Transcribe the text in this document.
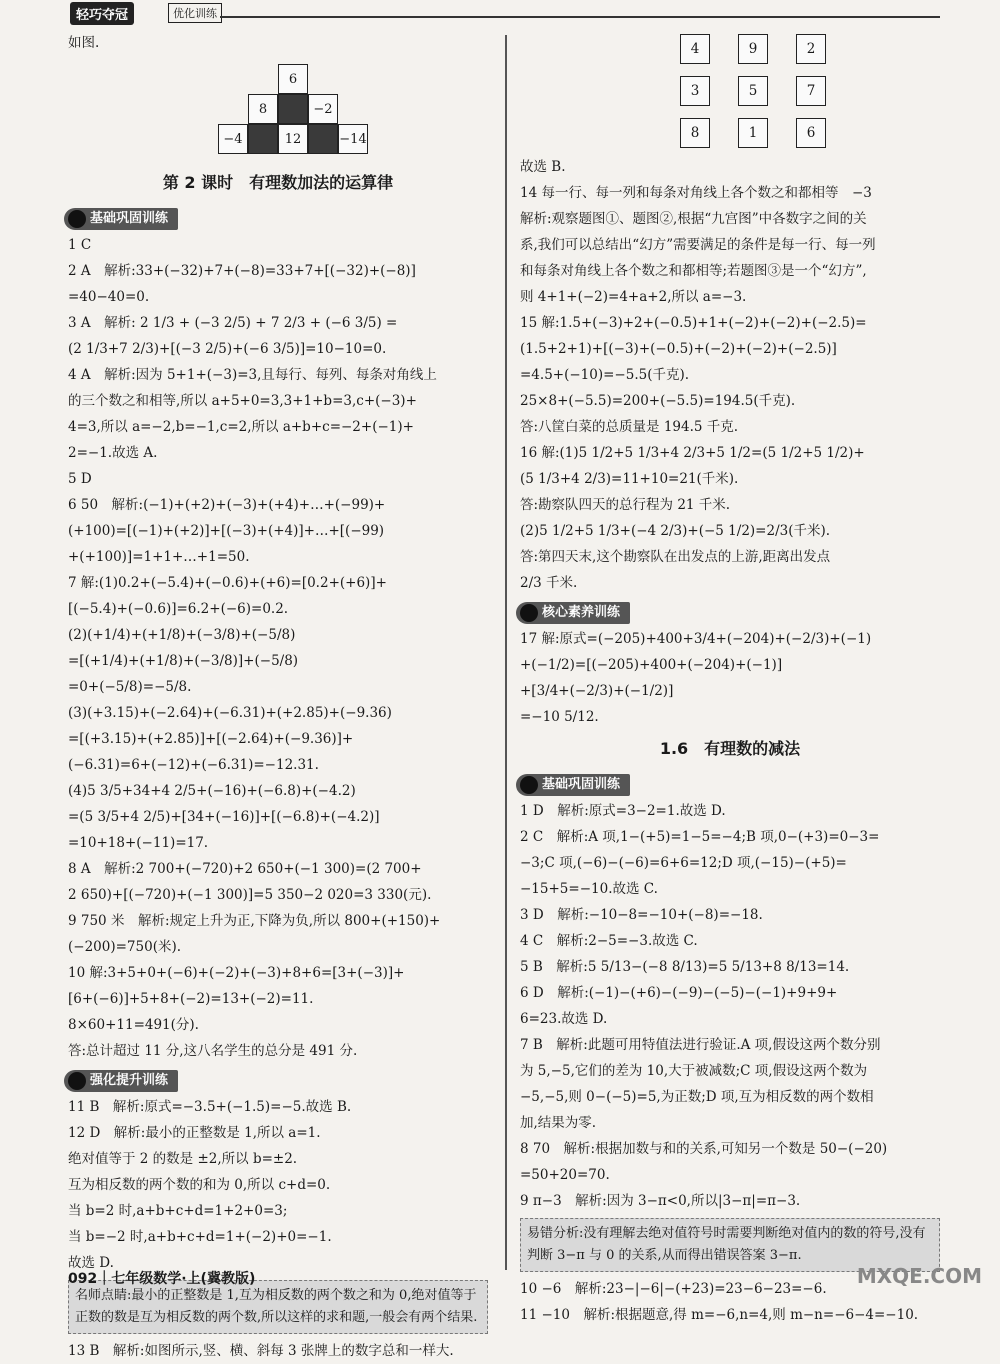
轻巧夺冠	优化训练

如图.

6
8	−2
−4	12	−14
第 2 课时　有理数加法的运算律
基础巩固训练

1 C

2 A　解析:33+(−32)+7+(−8)=33+7+[(−32)+(−8)]

=40−40=0.

3 A　解析: 2 1/3 + (−3 2/5) + 7 2/3 + (−6 3/5) =

(2 1/3+7 2/3)+[(−3 2/5)+(−6 3/5)]=10−10=0.

4 A　解析:因为 5+1+(−3)=3,且每行、每列、每条对角线上

的三个数之和相等,所以 a+5+0=3,3+1+b=3,c+(−3)+

4=3,所以 a=−2,b=−1,c=2,所以 a+b+c=−2+(−1)+

2=−1.故选 A.

5 D

6 50　解析:(−1)+(+2)+(−3)+(+4)+…+(−99)+

(+100)=[(−1)+(+2)]+[(−3)+(+4)]+…+[(−99)

+(+100)]=1+1+…+1=50.

7 解:(1)0.2+(−5.4)+(−0.6)+(+6)=[0.2+(+6)]+

[(−5.4)+(−0.6)]=6.2+(−6)=0.2.

(2)(+1/4)+(+1/8)+(−3/8)+(−5/8)

=[(+1/4)+(+1/8)+(−3/8)]+(−5/8)

=0+(−5/8)=−5/8.

(3)(+3.15)+(−2.64)+(−6.31)+(+2.85)+(−9.36)

=[(+3.15)+(+2.85)]+[(−2.64)+(−9.36)]+

(−6.31)=6+(−12)+(−6.31)=−12.31.

(4)5 3/5+34+4 2/5+(−16)+(−6.8)+(−4.2)

=(5 3/5+4 2/5)+[34+(−16)]+[(−6.8)+(−4.2)]

=10+18+(−11)=17.

8 A　解析:2 700+(−720)+2 650+(−1 300)=(2 700+

2 650)+[(−720)+(−1 300)]=5 350−2 020=3 330(元).

9 750 米　解析:规定上升为正,下降为负,所以 800+(+150)+

(−200)=750(米).

10 解:3+5+0+(−6)+(−2)+(−3)+8+6=[3+(−3)]+

[6+(−6)]+5+8+(−2)=13+(−2)=11.

8×60+11=491(分).

答:总计超过 11 分,这八名学生的总分是 491 分.

强化提升训练

11 B　解析:原式=−3.5+(−1.5)=−5.故选 B.

12 D　解析:最小的正整数是 1,所以 a=1.

绝对值等于 2 的数是 ±2,所以 b=±2.

互为相反数的两个数的和为 0,所以 c+d=0.

当 b=2 时,a+b+c+d=1+2+0=3;

当 b=−2 时,a+b+c+d=1+(−2)+0=−1.

故选 D.

名师点睛:最小的正整数是 1,互为相反数的两个数之和为 0,绝对值等于正数的数是互为相反数的两个数,所以这样的求和题,一般会有两个结果.

13 B　解析:如图所示,竖、横、斜每 3 张牌上的数字总和一样大.

4	9	2
3	5	7
8	1	6

故选 B.

14 每一行、每一列和每条对角线上各个数之和都相等　−3

解析:观察题图①、题图②,根据“九宫图”中各数字之间的关

系,我们可以总结出“幻方”需要满足的条件是每一行、每一列

和每条对角线上各个数之和都相等;若题图③是一个“幻方”,

则 4+1+(−2)=4+a+2,所以 a=−3.

15 解:1.5+(−3)+2+(−0.5)+1+(−2)+(−2)+(−2.5)=

(1.5+2+1)+[(−3)+(−0.5)+(−2)+(−2)+(−2.5)]

=4.5+(−10)=−5.5(千克).

25×8+(−5.5)=200+(−5.5)=194.5(千克).

答:八筐白菜的总质量是 194.5 千克.

16 解:(1)5 1/2+5 1/3+4 2/3+5 1/2=(5 1/2+5 1/2)+

(5 1/3+4 2/3)=11+10=21(千米).

答:勘察队四天的总行程为 21 千米.

(2)5 1/2+5 1/3+(−4 2/3)+(−5 1/2)=2/3(千米).

答:第四天末,这个勘察队在出发点的上游,距离出发点

2/3 千米.

核心素养训练

17 解:原式=(−205)+400+3/4+(−204)+(−2/3)+(−1)

+(−1/2)=[(−205)+400+(−204)+(−1)]

+[3/4+(−2/3)+(−1/2)]

=−10 5/12.

1.6　有理数的减法
基础巩固训练

1 D　解析:原式=3−2=1.故选 D.

2 C　解析:A 项,1−(+5)=1−5=−4;B 项,0−(+3)=0−3=

−3;C 项,(−6)−(−6)=6+6=12;D 项,(−15)−(+5)=

−15+5=−10.故选 C.

3 D　解析:−10−8=−10+(−8)=−18.

4 C　解析:2−5=−3.故选 C.

5 B　解析:5 5/13−(−8 8/13)=5 5/13+8 8/13=14.

6 D　解析:(−1)−(+6)−(−9)−(−5)−(−1)+9+9+

6=23.故选 D.

7 B　解析:此题可用特值法进行验证.A 项,假设这两个数分别

为 5,−5,它们的差为 10,大于被减数;C 项,假设这两个数为

−5,−5,则 0−(−5)=5,为正数;D 项,互为相反数的两个数相

加,结果为零.

8 70　解析:根据加数与和的关系,可知另一个数是 50−(−20)

=50+20=70.

9 π−3　解析:因为 3−π<0,所以|3−π|=π−3.

易错分析:没有理解去绝对值符号时需要判断绝对值内的数的符号,没有判断 3−π 与 0 的关系,从而得出错误答案 3−π.

10 −6　解析:23−|−6|−(+23)=23−6−23=−6.

11 −10　解析:根据题意,得 m=−6,n=4,则 m−n=−6−4=−10.

092｜七年级数学·上(冀教版)	MXQE.COM
